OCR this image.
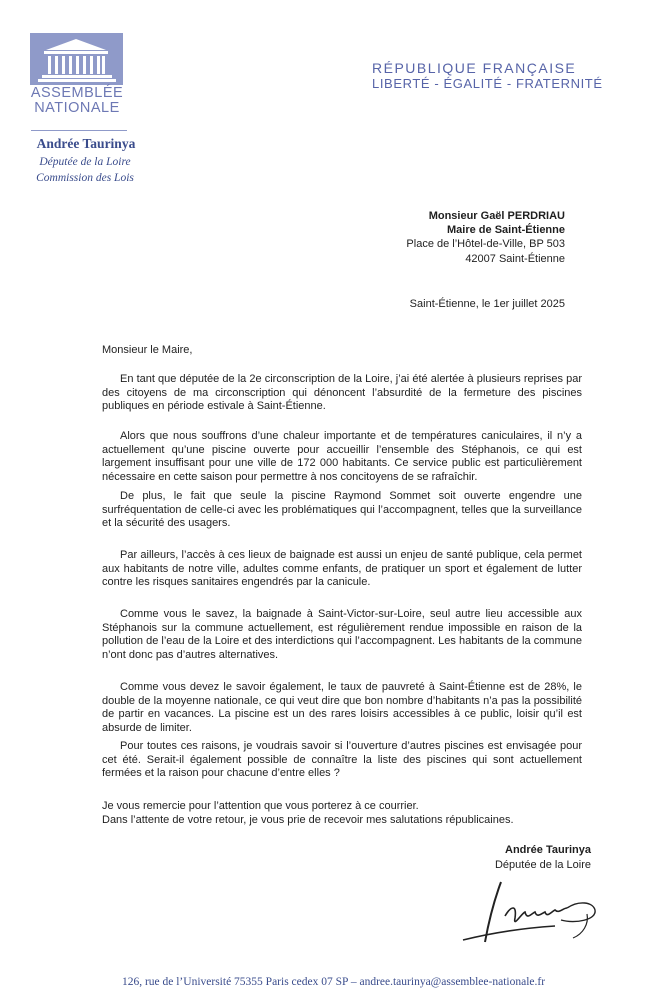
ASSEMBLÉE
NATIONALE
Andrée Taurinya
Députée de la Loire
Commission des Lois
RÉPUBLIQUE FRANÇAISE
LIBERTÉ - ÉGALITÉ - FRATERNITÉ
Monsieur Gaël PERDRIAU
Maire de Saint-Étienne
Place de l’Hôtel-de-Ville, BP 503
42007 Saint-Étienne
Saint-Étienne, le 1er juillet 2025
Monsieur le Maire,

En tant que députée de la 2e circonscription de la Loire, j’ai été alertée à plusieurs reprises par des citoyens de ma circonscription qui dénoncent l’absurdité de la fermeture des piscines publiques en période estivale à Saint-Étienne.

Alors que nous souffrons d’une chaleur importante et de températures caniculaires, il n’y a actuellement qu’une piscine ouverte pour accueillir l’ensemble des Stéphanois, ce qui est largement insuffisant pour une ville de 172 000 habitants. Ce service public est particulièrement nécessaire en cette saison pour permettre à nos concitoyens de se rafraîchir.

De plus, le fait que seule la piscine Raymond Sommet soit ouverte engendre une surfréquentation de celle-ci avec les problématiques qui l’accompagnent, telles que la surveillance et la sécurité des usagers.

Par ailleurs, l’accès à ces lieux de baignade est aussi un enjeu de santé publique, cela permet aux habitants de notre ville, adultes comme enfants, de pratiquer un sport et également de lutter contre les risques sanitaires engendrés par la canicule.

Comme vous le savez, la baignade à Saint-Victor-sur-Loire, seul autre lieu accessible aux Stéphanois sur la commune actuellement, est régulièrement rendue impossible en raison de la pollution de l’eau de la Loire et des interdictions qui l’accompagnent. Les habitants de la commune n’ont donc pas d’autres alternatives.

Comme vous devez le savoir également, le taux de pauvreté à Saint-Étienne est de 28%, le double de la moyenne nationale, ce qui veut dire que bon nombre d’habitants n’a pas la possibilité de partir en vacances. La piscine est un des rares loisirs accessibles à ce public, loisir qu’il est absurde de limiter.

Pour toutes ces raisons, je voudrais savoir si l’ouverture d’autres piscines est envisagée pour cet été. Serait-il également possible de connaître la liste des piscines qui sont actuellement fermées et la raison pour chacune d’entre elles ?

Je vous remercie pour l’attention que vous porterez à ce courrier.
Dans l’attente de votre retour, je vous prie de recevoir mes salutations républicaines.
Andrée Taurinya
Députée de la Loire
126, rue de l’Université 75355 Paris cedex 07 SP – andree.taurinya@assemblee-nationale.fr
